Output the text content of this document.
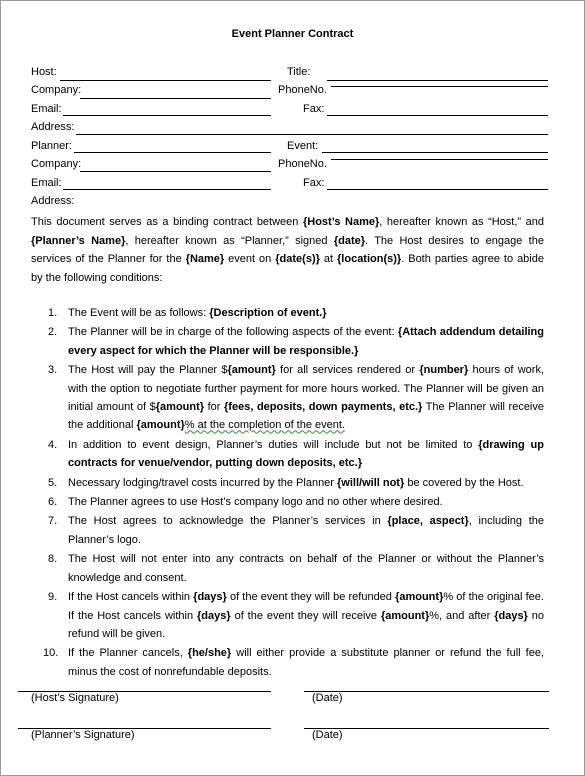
Event Planner Contract
Host:	Title:
Company:	PhoneNo.
Email:	Fax:
Address:
Planner:	Event:
Company:	PhoneNo.
Email:	Fax:
Address:
This document serves as a binding contract between {Host’s Name}, hereafter known as “Host,” and {Planner’s Name}, hereafter known as “Planner,” signed {date}. The Host desires to engage the services of the Planner for the {Name} event on {date(s)} at {location(s)}. Both parties agree to abide by the following conditions:
1. The Event will be as follows: {Description of event.}
2. The Planner will be in charge of the following aspects of the event: {Attach addendum detailing every aspect for which the Planner will be responsible.}
3. The Host will pay the Planner ${amount} for all services rendered or {number} hours of work, with the option to negotiate further payment for more hours worked. The Planner will be given an initial amount of ${amount} for {fees, deposits, down payments, etc.} The Planner will receive the additional {amount}% at the completion of the event.
4. In addition to event design, Planner’s duties will include but not be limited to {drawing up contracts for venue/vendor, putting down deposits, etc.}
5. Necessary lodging/travel costs incurred by the Planner {will/will not} be covered by the Host.
6. The Planner agrees to use Host’s company logo and no other where desired.
7. The Host agrees to acknowledge the Planner’s services in {place, aspect}, including the Planner’s logo.
8. The Host will not enter into any contracts on behalf of the Planner or without the Planner’s knowledge and consent.
9. If the Host cancels within {days} of the event they will be refunded {amount}% of the original fee. If the Host cancels within {days} of the event they will receive {amount}%, and after {days} no refund will be given.
10. If the Planner cancels, {he/she} will either provide a substitute planner or refund the full fee, minus the cost of nonrefundable deposits.
(Host’s Signature)	(Date)
(Planner’s Signature)	(Date)
